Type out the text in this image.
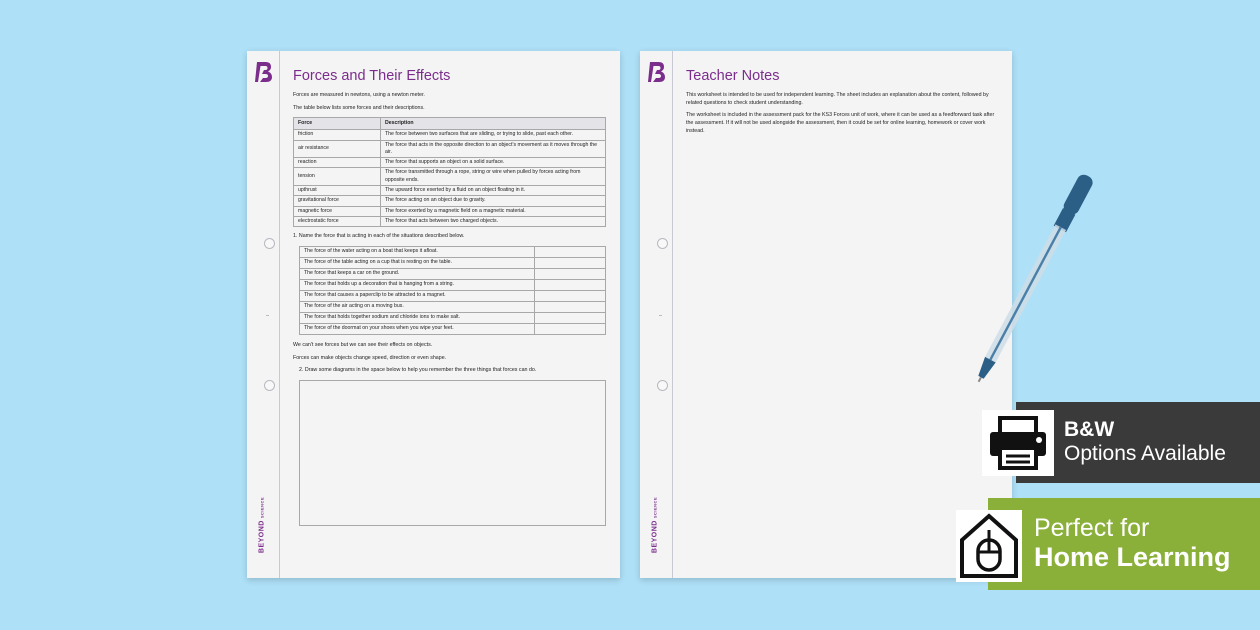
BEYONDSCIENCE
Forces and Their Effects

Forces are measured in newtons, using a newton meter.

The table below lists some forces and their descriptions.

Force	Description
friction	The force between two surfaces that are sliding, or trying to slide, past each other.
air resistance	The force that acts in the opposite direction to an object's movement as it moves through the air.
reaction	The force that supports an object on a solid surface.
tension	The force transmitted through a rope, string or wire when pulled by forces acting from opposite ends.
upthrust	The upward force exerted by a fluid on an object floating in it.
gravitational force	The force acting on an object due to gravity.
magnetic force	The force exerted by a magnetic field on a magnetic material.
electrostatic force	The force that acts between two charged objects.

1. Name the force that is acting in each of the situations described below.

The force of the water acting on a boat that keeps it afloat.	
The force of the table acting on a cup that is resting on the table.	
The force that keeps a car on the ground.	
The force that holds up a decoration that is hanging from a string.	
The force that causes a paperclip to be attracted to a magnet.	
The force of the air acting on a moving bus.	
The force that holds together sodium and chloride ions to make salt.	
The force of the doormat on your shoes when you wipe your feet.	

We can't see forces but we can see their effects on objects.

Forces can make objects change speed, direction or even shape.

2. Draw some diagrams in the space below to help you remember the three things that forces can do.

BEYONDSCIENCE
Teacher Notes

This worksheet is intended to be used for independent learning. The sheet includes an explanation about the content, followed by related questions to check student understanding.

The worksheet is included in the assessment pack for the KS3 Forces unit of work, where it can be used as a feedforward task after the assessment. If it will not be used alongside the assessment, then it could be set for online learning, homework or cover work instead.

B&W
Options Available
Perfect for
Home Learning
